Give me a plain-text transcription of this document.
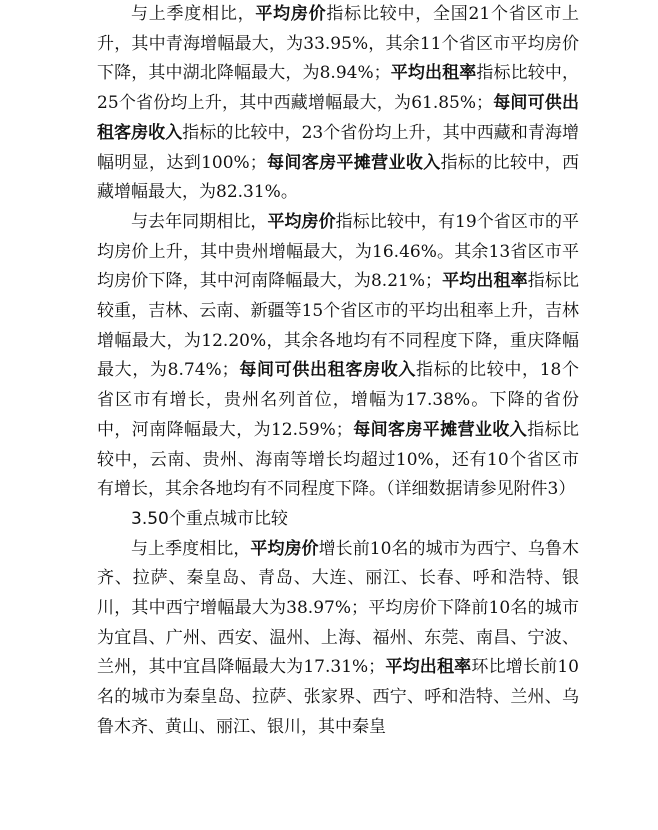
与上季度相比，平均房价指标比较中，全国21个省区市上升，其中青海增幅最大，为33.95%，其余11个省区市平均房价下降，其中湖北降幅最大，为8.94%；平均出租率指标比较中，25个省份均上升，其中西藏增幅最大，为61.85%；每间可供出租客房收入指标的比较中，23个省份均上升，其中西藏和青海增幅明显，达到100%；每间客房平摊营业收入指标的比较中，西藏增幅最大，为82.31%。

与去年同期相比，平均房价指标比较中，有19个省区市的平均房价上升，其中贵州增幅最大，为16.46%。其余13省区市平均房价下降，其中河南降幅最大，为8.21%；平均出租率指标比较重，吉林、云南、新疆等15个省区市的平均出租率上升，吉林增幅最大，为12.20%，其余各地均有不同程度下降，重庆降幅最大，为8.74%；每间可供出租客房收入指标的比较中，18个省区市有增长，贵州名列首位，增幅为17.38%。下降的省份中，河南降幅最大，为12.59%；每间客房平摊营业收入指标比较中，云南、贵州、海南等增长均超过10%，还有10个省区市有增长，其余各地均有不同程度下降。（详细数据请参见附件3）

3.50个重点城市比较

与上季度相比，平均房价增长前10名的城市为西宁、乌鲁木齐、拉萨、秦皇岛、青岛、大连、丽江、长春、呼和浩特、银川，其中西宁增幅最大为38.97%；平均房价下降前10名的城市为宜昌、广州、西安、温州、上海、福州、东莞、南昌、宁波、兰州，其中宜昌降幅最大为17.31%；平均出租率环比增长前10名的城市为秦皇岛、拉萨、张家界、西宁、呼和浩特、兰州、乌鲁木齐、黄山、丽江、银川，其中秦皇
